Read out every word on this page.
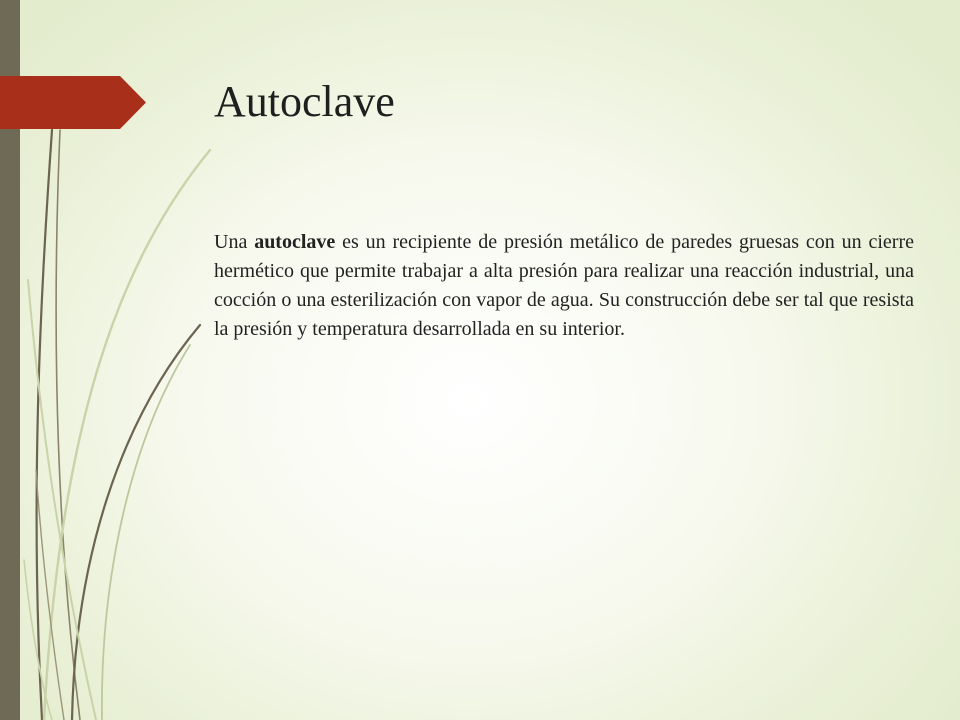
Autoclave

Una autoclave es un recipiente de presión metálico de paredes gruesas con un cierre hermético que permite trabajar a alta presión para realizar una reacción industrial, una cocción o una esterilización con vapor de agua. Su construcción debe ser tal que resista la presión y temperatura desarrollada en su interior.
